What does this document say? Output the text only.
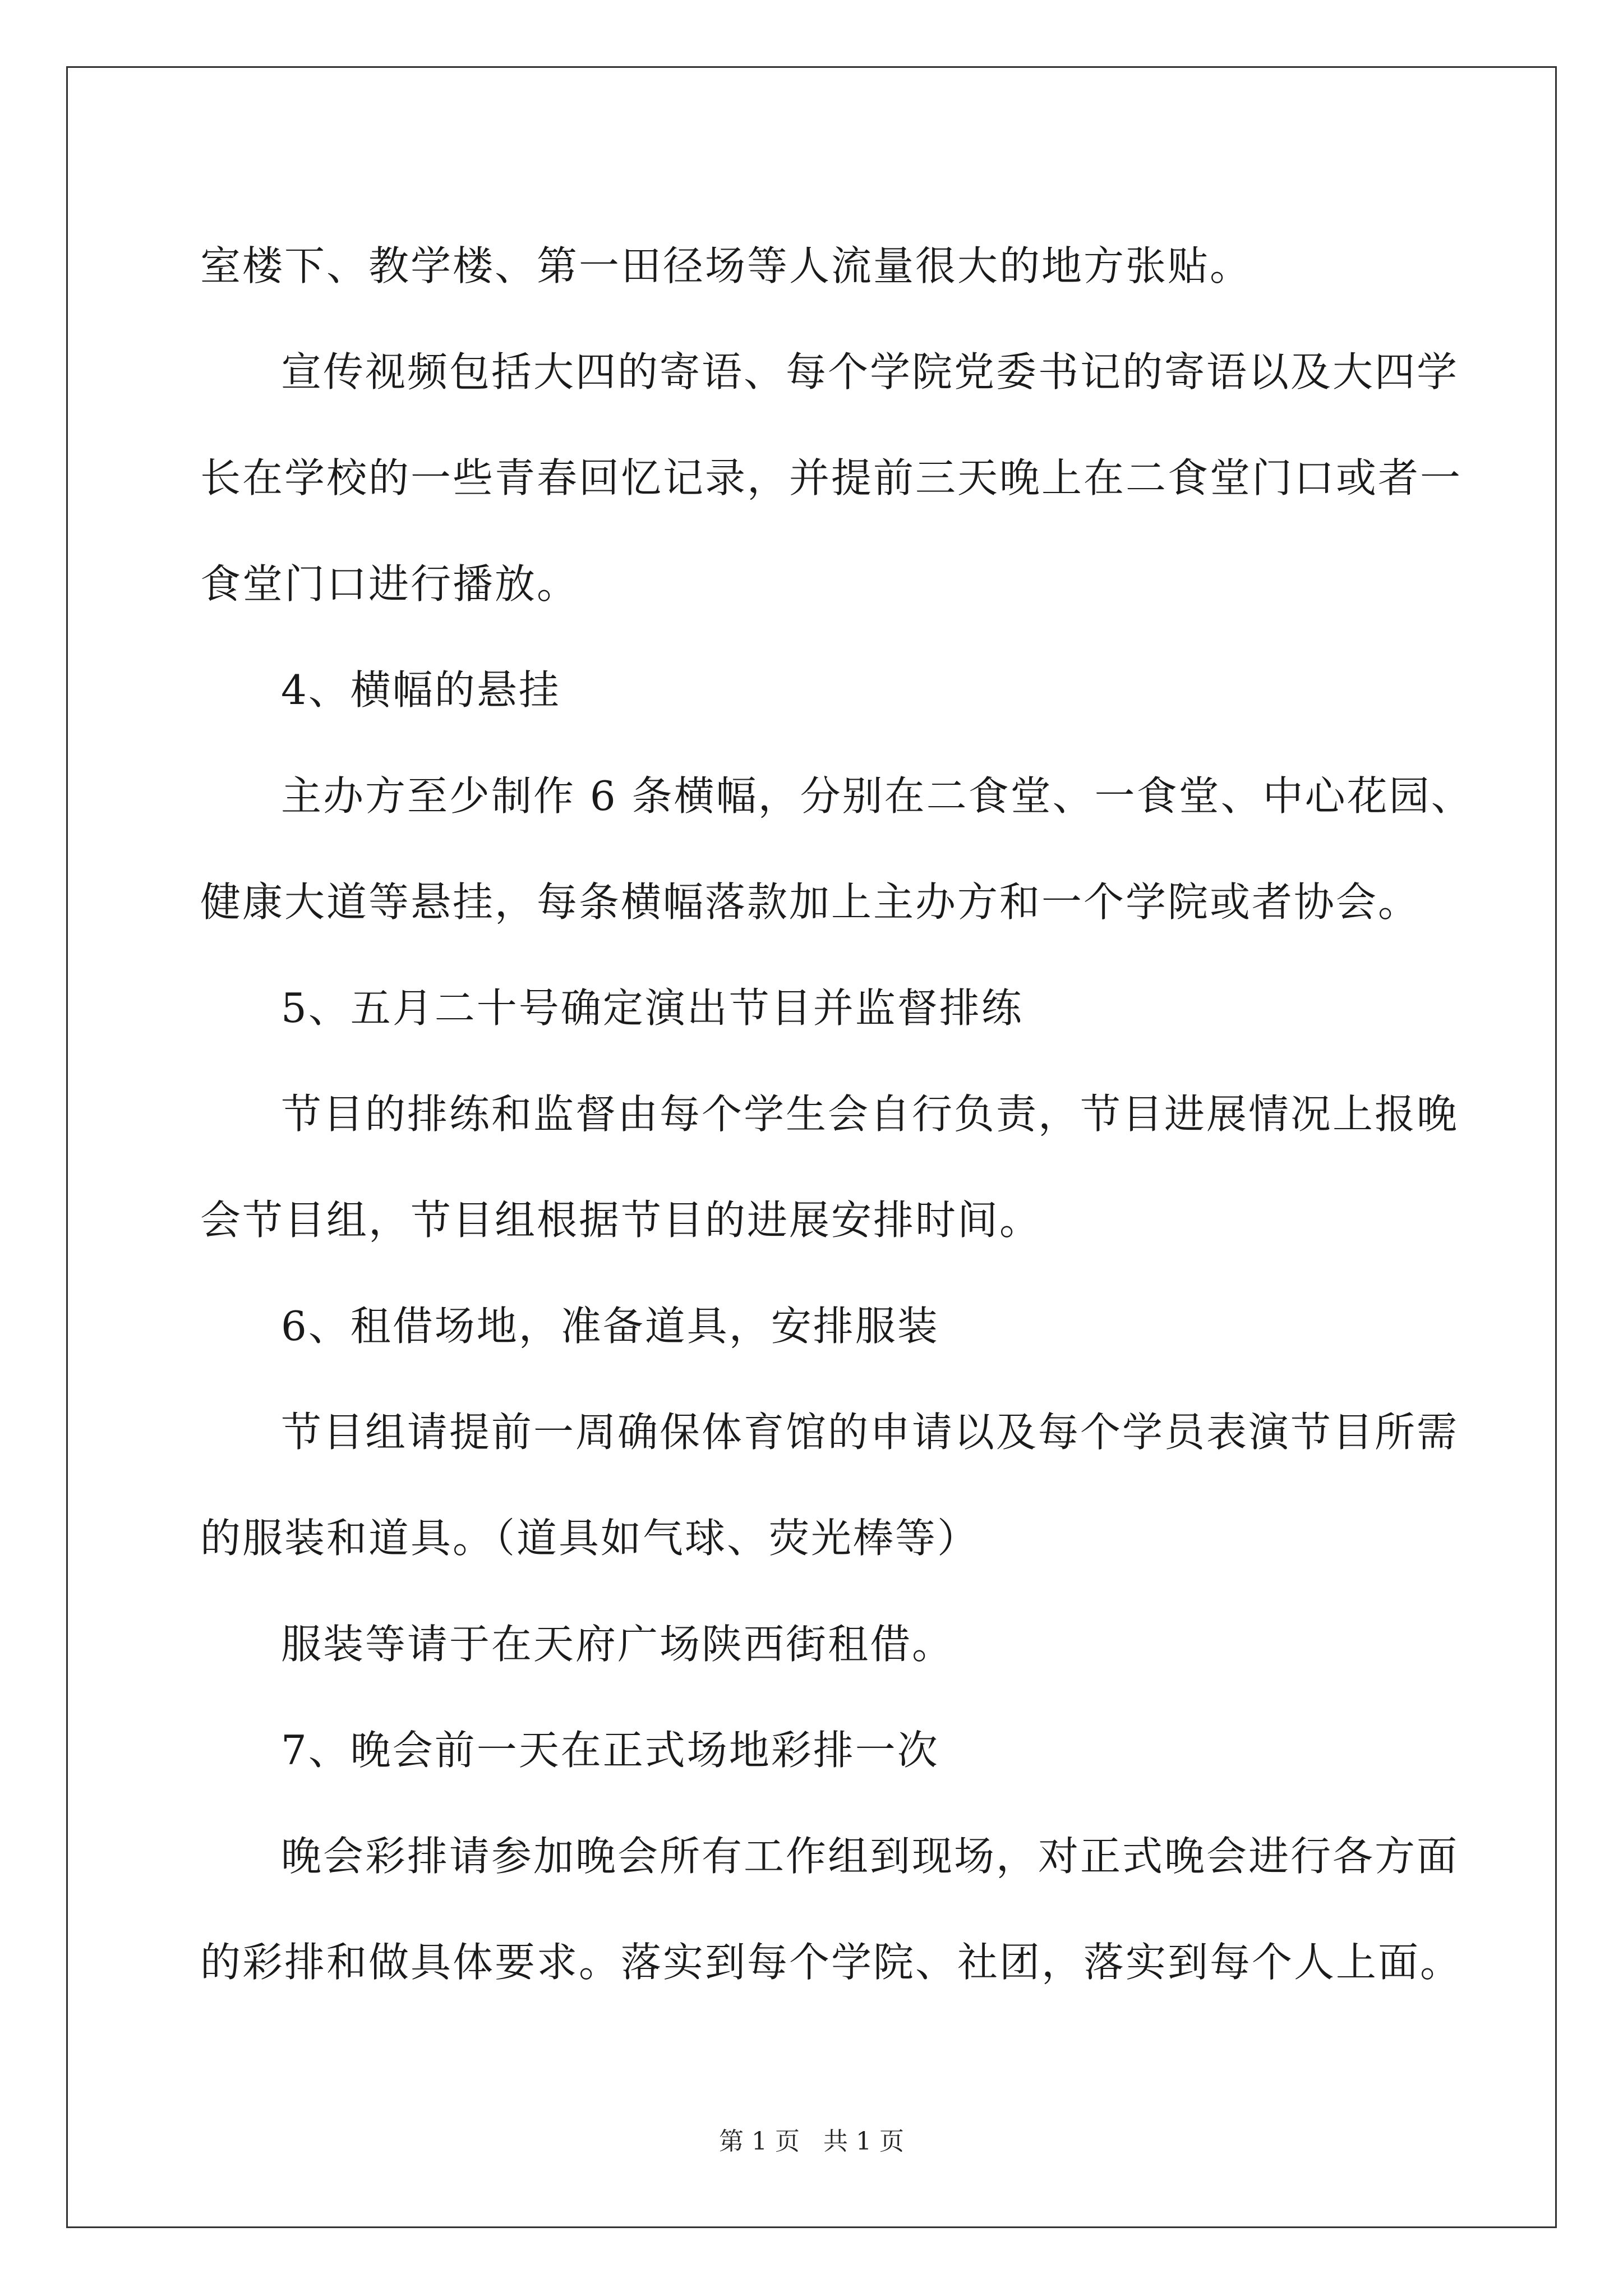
室楼下、教学楼、第一田径场等人流量很大的地方张贴。

宣传视频包括大四的寄语、每个学院党委书记的寄语以及大四学

长在学校的一些青春回忆记录，并提前三天晚上在二食堂门口或者一

食堂门口进行播放。

4、横幅的悬挂

主办方至少制作 6 条横幅，分别在二食堂、一食堂、中心花园、

健康大道等悬挂，每条横幅落款加上主办方和一个学院或者协会。

5、五月二十号确定演出节目并监督排练

节目的排练和监督由每个学生会自行负责，节目进展情况上报晚

会节目组，节目组根据节目的进展安排时间。

6、租借场地，准备道具，安排服装

节目组请提前一周确保体育馆的申请以及每个学员表演节目所需

的服装和道具。（道具如气球、荧光棒等）

服装等请于在天府广场陕西街租借。

7、晚会前一天在正式场地彩排一次

晚会彩排请参加晚会所有工作组到现场，对正式晚会进行各方面

的彩排和做具体要求。落实到每个学院、社团，落实到每个人上面。

第 1 页   共 1 页
